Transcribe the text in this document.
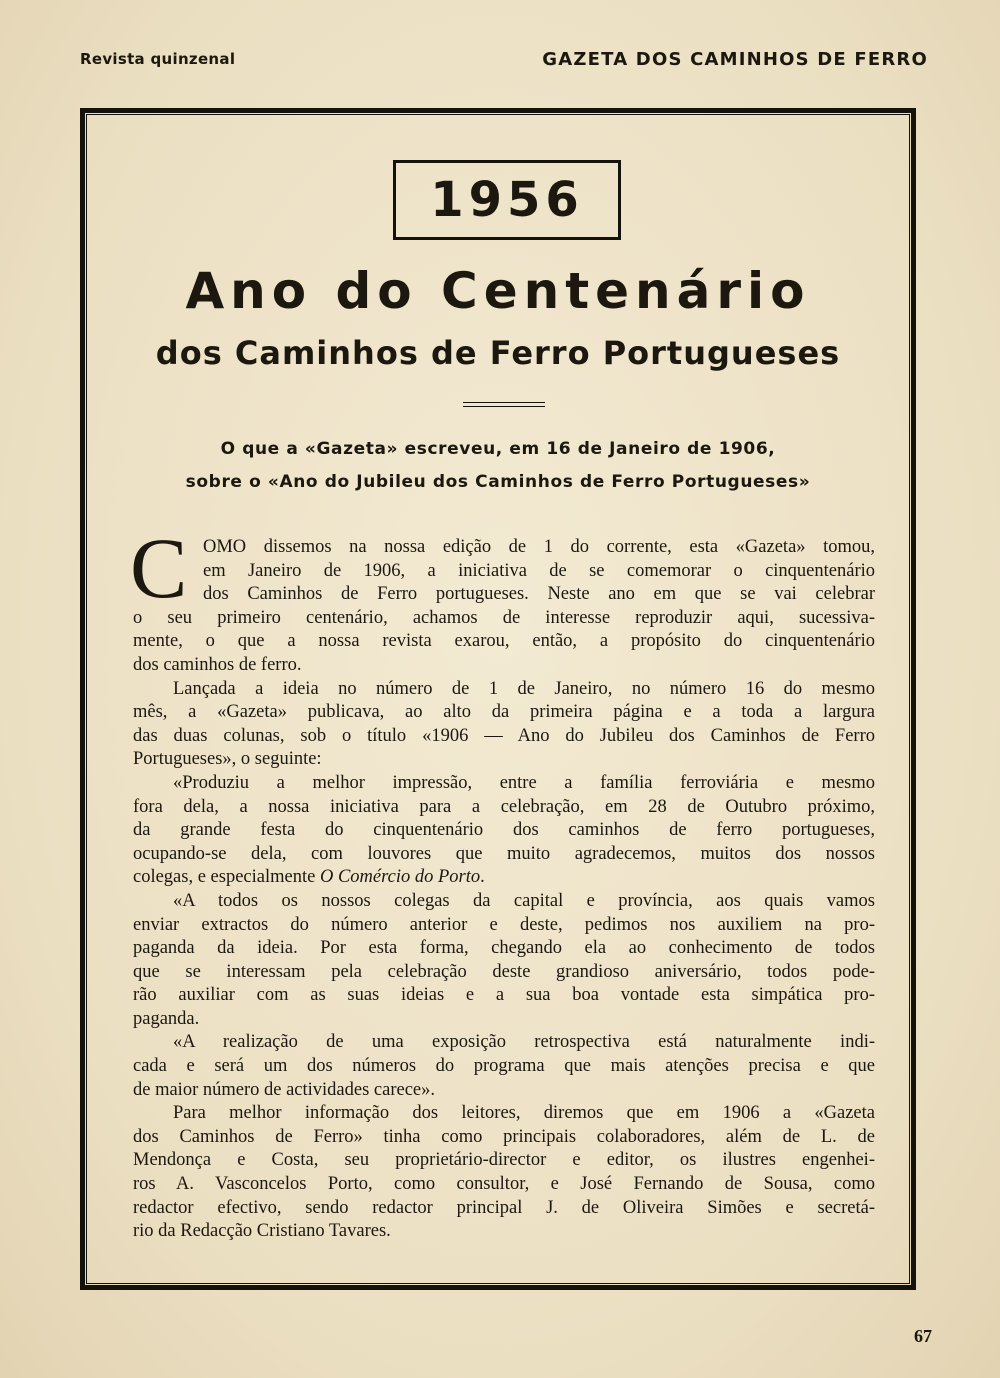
Revista quinzenal	GAZETA DOS CAMINHOS DE FERRO
1956
Ano do Centenário
dos Caminhos de Ferro Portugueses
O que a «Gazeta» escreveu, em 16 de Janeiro de 1906,
sobre o «Ano do Jubileu dos Caminhos de Ferro Portugueses»
C OMO dissemos na nossa edição de 1 do corrente, esta «Gazeta» tomou,
em Janeiro de 1906, a iniciativa de se comemorar o cinquentenário
dos Caminhos de Ferro portugueses. Neste ano em que se vai celebrar
o seu primeiro centenário, achamos de interesse reproduzir aqui, sucessiva-
mente, o que a nossa revista exarou, então, a propósito do cinquentenário
dos caminhos de ferro.
Lançada a ideia no número de 1 de Janeiro, no número 16 do mesmo
mês, a «Gazeta» publicava, ao alto da primeira página e a toda a largura
das duas colunas, sob o título «1906 — Ano do Jubileu dos Caminhos de Ferro
Portugueses», o seguinte:
«Produziu a melhor impressão, entre a família ferroviária e mesmo
fora dela, a nossa iniciativa para a celebração, em 28 de Outubro próximo,
da grande festa do cinquentenário dos caminhos de ferro portugueses,
ocupando-se dela, com louvores que muito agradecemos, muitos dos nossos
colegas, e especialmente O Comércio do Porto.
«A todos os nossos colegas da capital e província, aos quais vamos
enviar extractos do número anterior e deste, pedimos nos auxiliem na pro-
paganda da ideia. Por esta forma, chegando ela ao conhecimento de todos
que se interessam pela celebração deste grandioso aniversário, todos pode-
rão auxiliar com as suas ideias e a sua boa vontade esta simpática pro-
paganda.
«A realização de uma exposição retrospectiva está naturalmente indi-
cada e será um dos números do programa que mais atenções precisa e que
de maior número de actividades carece».
Para melhor informação dos leitores, diremos que em 1906 a «Gazeta
dos Caminhos de Ferro» tinha como principais colaboradores, além de L. de
Mendonça e Costa, seu proprietário-director e editor, os ilustres engenhei-
ros A. Vasconcelos Porto, como consultor, e José Fernando de Sousa, como
redactor efectivo, sendo redactor principal J. de Oliveira Simões e secretá-
rio da Redacção Cristiano Tavares.
67
